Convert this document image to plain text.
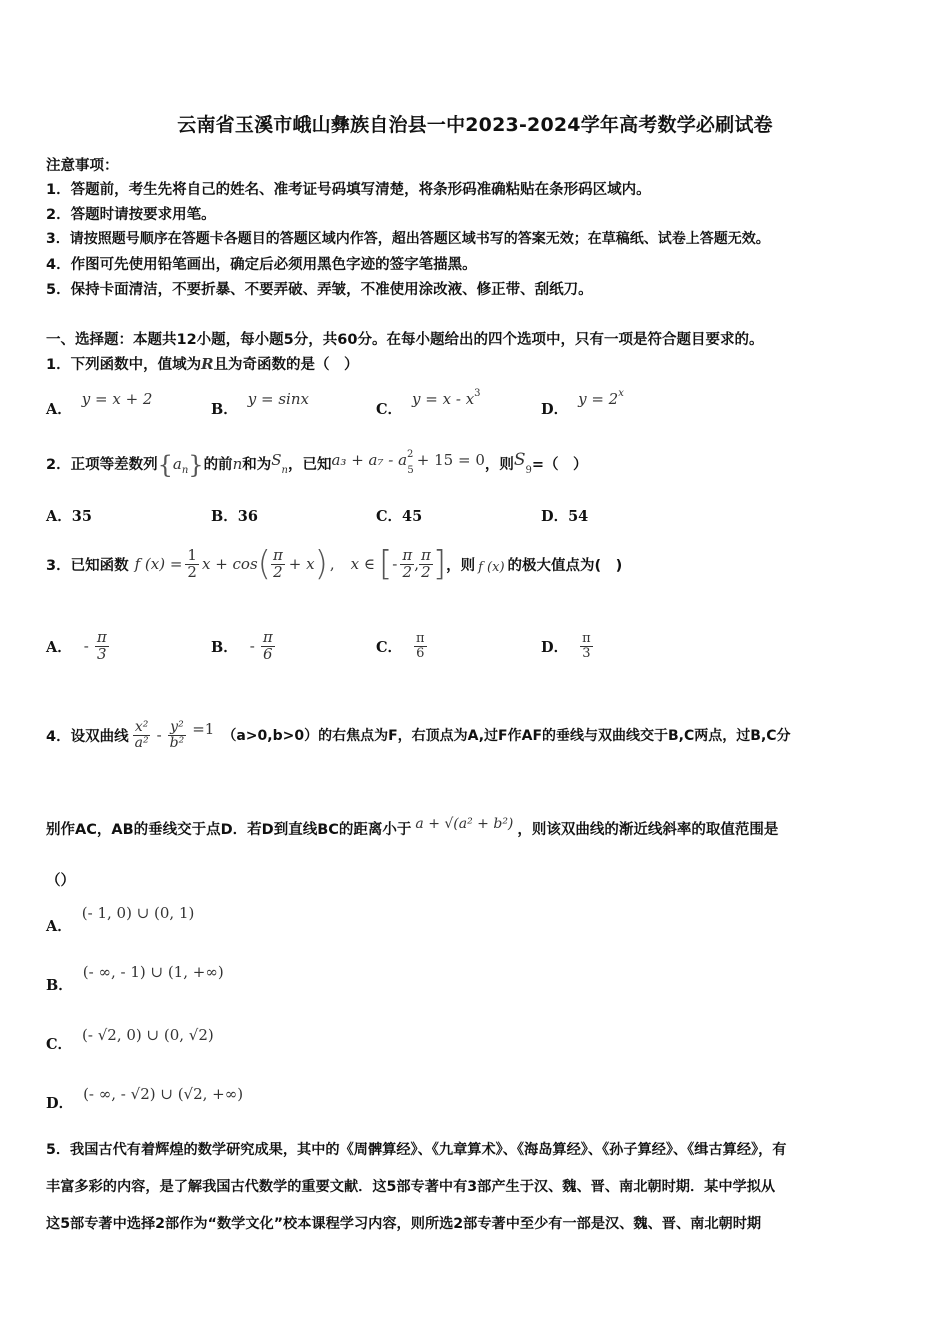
云南省玉溪市峨山彝族自治县一中2023-2024学年高考数学必刷试卷
注意事项：
1．答题前，考生先将自己的姓名、准考证号码填写清楚，将条形码准确粘贴在条形码区域内。
2．答题时请按要求用笔。
3．请按照题号顺序在答题卡各题目的答题区域内作答，超出答题区域书写的答案无效；在草稿纸、试卷上答题无效。
4．作图可先使用铅笔画出，确定后必须用黑色字迹的签字笔描黑。
5．保持卡面清洁，不要折暴、不要弄破、弄皱，不准使用涂改液、修正带、刮纸刀。
一、选择题：本题共12小题，每小题5分，共60分。在每小题给出的四个选项中，只有一项是符合题目要求的。
1．下列函数中，值域为R且为奇函数的是（　）
A．y = x + 2
B．y = sinx
C．$y = x - x^3$
D．$y = 2^x$
2．正项等差数列$\{a_n\}$的前n和为$S_n$，已知$a_3 + a_7 - a^2_5+ 15 = 0$，则$S_9=$（　）
A．35	B．36	C．45	D．54
3．已知函数 f $(x) = \frac{1}{2}$ x + cos ( $\frac{\pi}{2} + x$ ) , x ∈ [ - $\frac{\pi}{2}$ , $\frac{\pi}{2}$ ] ，则 f (x) 的极大值点为(　)
A． - $\frac{\pi}{3}$	B． - $\frac{\pi}{6}$	C． $\frac{\pi}{6}$	D． $\frac{\pi}{3}$
4．设双曲线 $\frac{\text{x²}}{\text{a²}} - \frac{\text{y²}}{\text{b²}} =1$ （a>0,b>0）的右焦点为F，右顶点为A,过F作AF的垂线与双曲线交于B,C两点，过B,C分
别作AC，AB的垂线交于点D．若D到直线BC的距离小于 a + √(a² + b²) ，则该双曲线的渐近线斜率的取值范围是
（）
A．(- 1, 0) ∪ (0, 1)
B．(- ∞, - 1) ∪ (1, +∞)
C．(- √2, 0) ∪ (0, √2)
D．(- ∞, - √2) ∪ (√2, +∞)
5．我国古代有着辉煌的数学研究成果，其中的《周髀算经》、《九章算术》、《海岛算经》、《孙子算经》、《缉古算经》，有
丰富多彩的内容，是了解我国古代数学的重要文献．这5部专著中有3部产生于汉、魏、晋、南北朝时期．某中学拟从
这5部专著中选择2部作为“数学文化”校本课程学习内容，则所选2部专著中至少有一部是汉、魏、晋、南北朝时期
